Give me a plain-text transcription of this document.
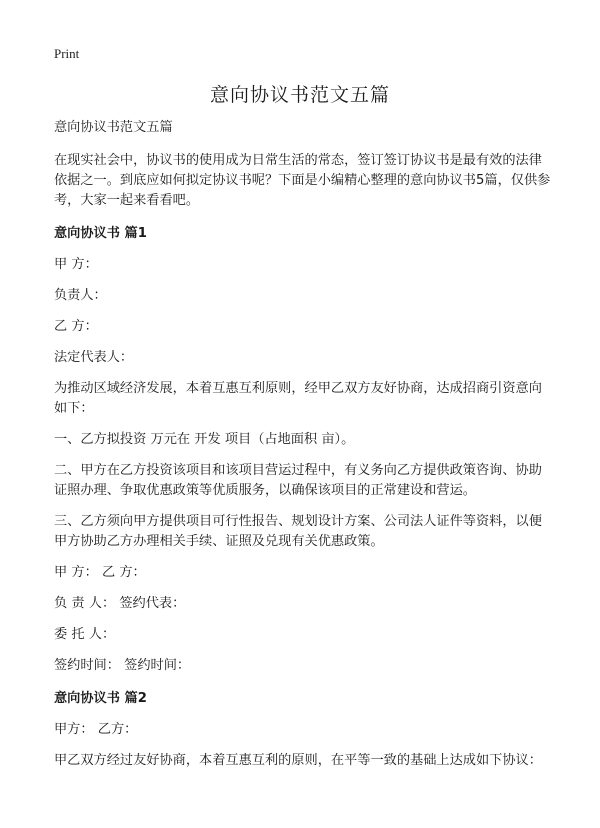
Print
意向协议书范文五篇

意向协议书范文五篇

在现实社会中，协议书的使用成为日常生活的常态，签订签订协议书是最有效的法律依据之一。到底应如何拟定协议书呢？下面是小编精心整理的意向协议书5篇，仅供参考，大家一起来看看吧。

意向协议书 篇1

甲 方：

负责人：

乙 方：

法定代表人：

为推动区域经济发展，本着互惠互利原则，经甲乙双方友好协商，达成招商引资意向如下：

一、乙方拟投资 万元在 开发 项目（占地面积 亩）。

二、甲方在乙方投资该项目和该项目营运过程中，有义务向乙方提供政策咨询、协助证照办理、争取优惠政策等优质服务，以确保该项目的正常建设和营运。

三、乙方须向甲方提供项目可行性报告、规划设计方案、公司法人证件等资料，以便甲方协助乙方办理相关手续、证照及兑现有关优惠政策。

甲 方： 乙 方：

负 责 人： 签约代表：

委 托 人：

签约时间： 签约时间：

意向协议书 篇2

甲方： 乙方：

甲乙双方经过友好协商，本着互惠互利的原则，在平等一致的基础上达成如下协议：
